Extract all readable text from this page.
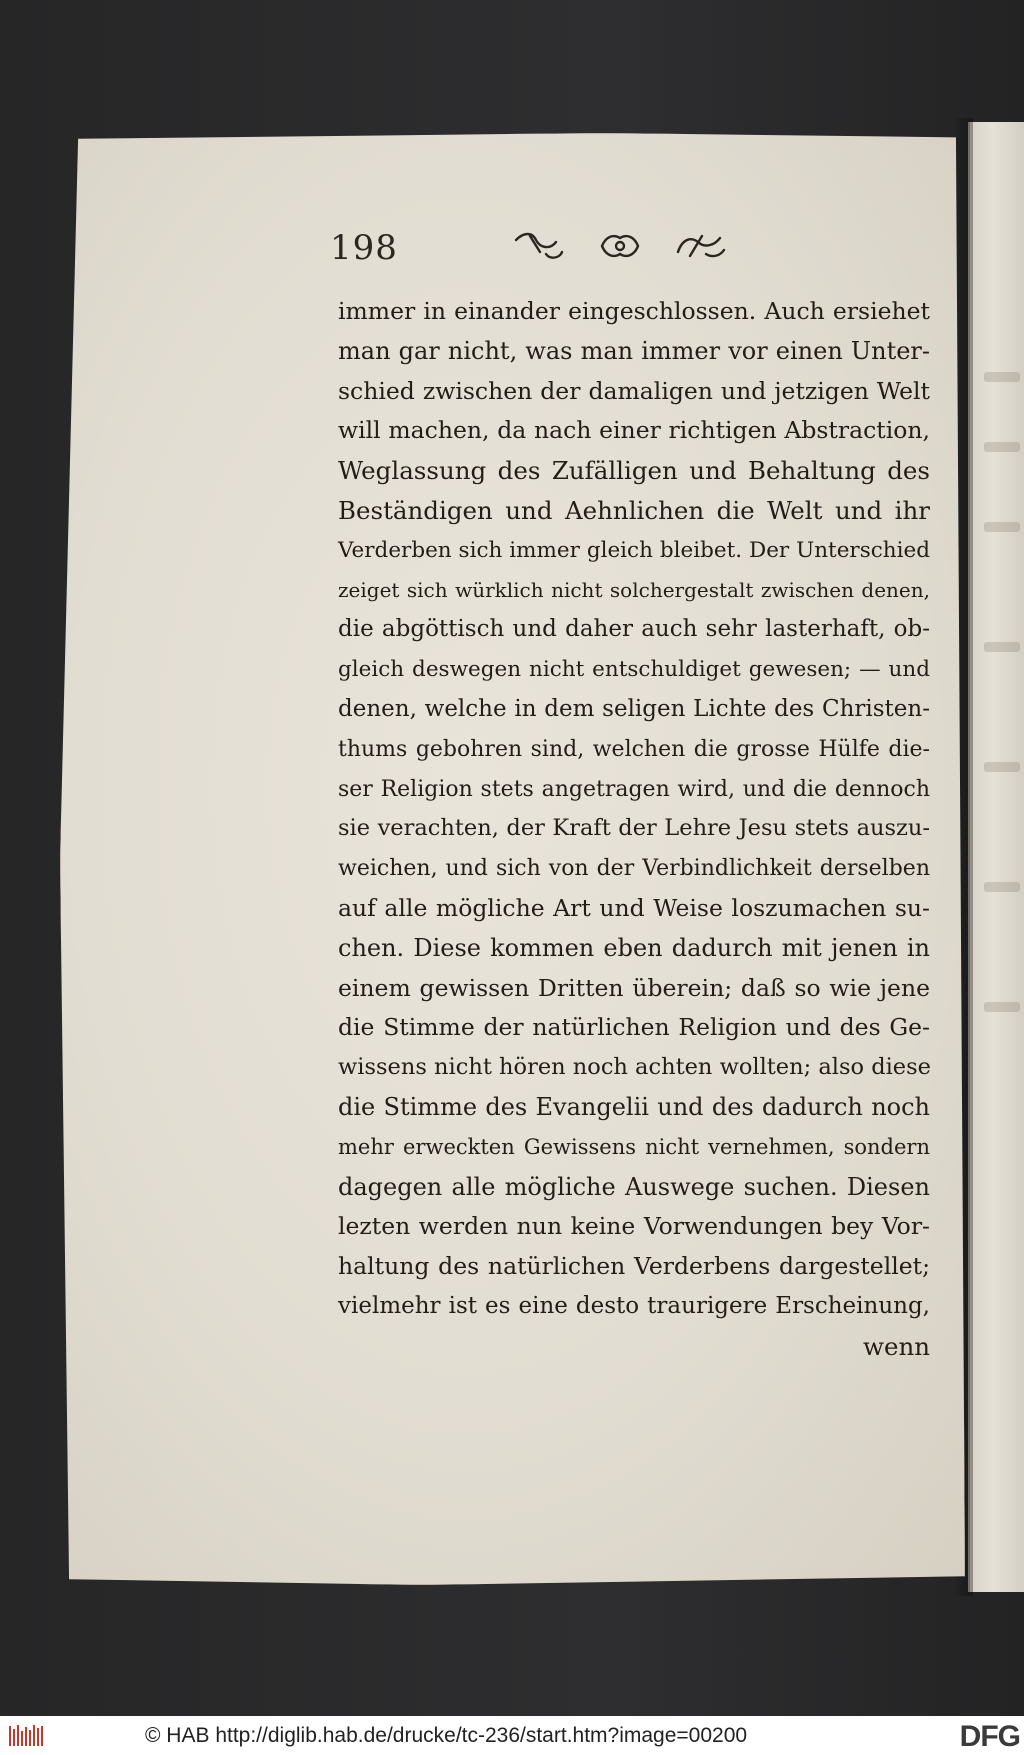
198
immer in einander eingeschlossen. Auch ersiehet
man gar nicht, was man immer vor einen Unter-
schied zwischen der damaligen und jetzigen Welt
will machen, da nach einer richtigen Abstraction,
Weglassung des Zufälligen und Behaltung des
Beständigen und Aehnlichen die Welt und ihr
Verderben sich immer gleich bleibet. Der Unterschied
zeiget sich würklich nicht solchergestalt zwischen denen,
die abgöttisch und daher auch sehr lasterhaft, ob-
gleich deswegen nicht entschuldiget gewesen; — und
denen, welche in dem seligen Lichte des Christen-
thums gebohren sind, welchen die grosse Hülfe die-
ser Religion stets angetragen wird, und die dennoch
sie verachten, der Kraft der Lehre Jesu stets auszu-
weichen, und sich von der Verbindlichkeit derselben
auf alle mögliche Art und Weise loszumachen su-
chen. Diese kommen eben dadurch mit jenen in
einem gewissen Dritten überein; daß so wie jene
die Stimme der natürlichen Religion und des Ge-
wissens nicht hören noch achten wollten; also diese
die Stimme des Evangelii und des dadurch noch
mehr erweckten Gewissens nicht vernehmen, sondern
dagegen alle mögliche Auswege suchen. Diesen
lezten werden nun keine Vorwendungen bey Vor-
haltung des natürlichen Verderbens dargestellet;
vielmehr ist es eine desto traurigere Erscheinung,
wenn
© HAB http://diglib.hab.de/drucke/tc-236/start.htm?image=00200	DFG
